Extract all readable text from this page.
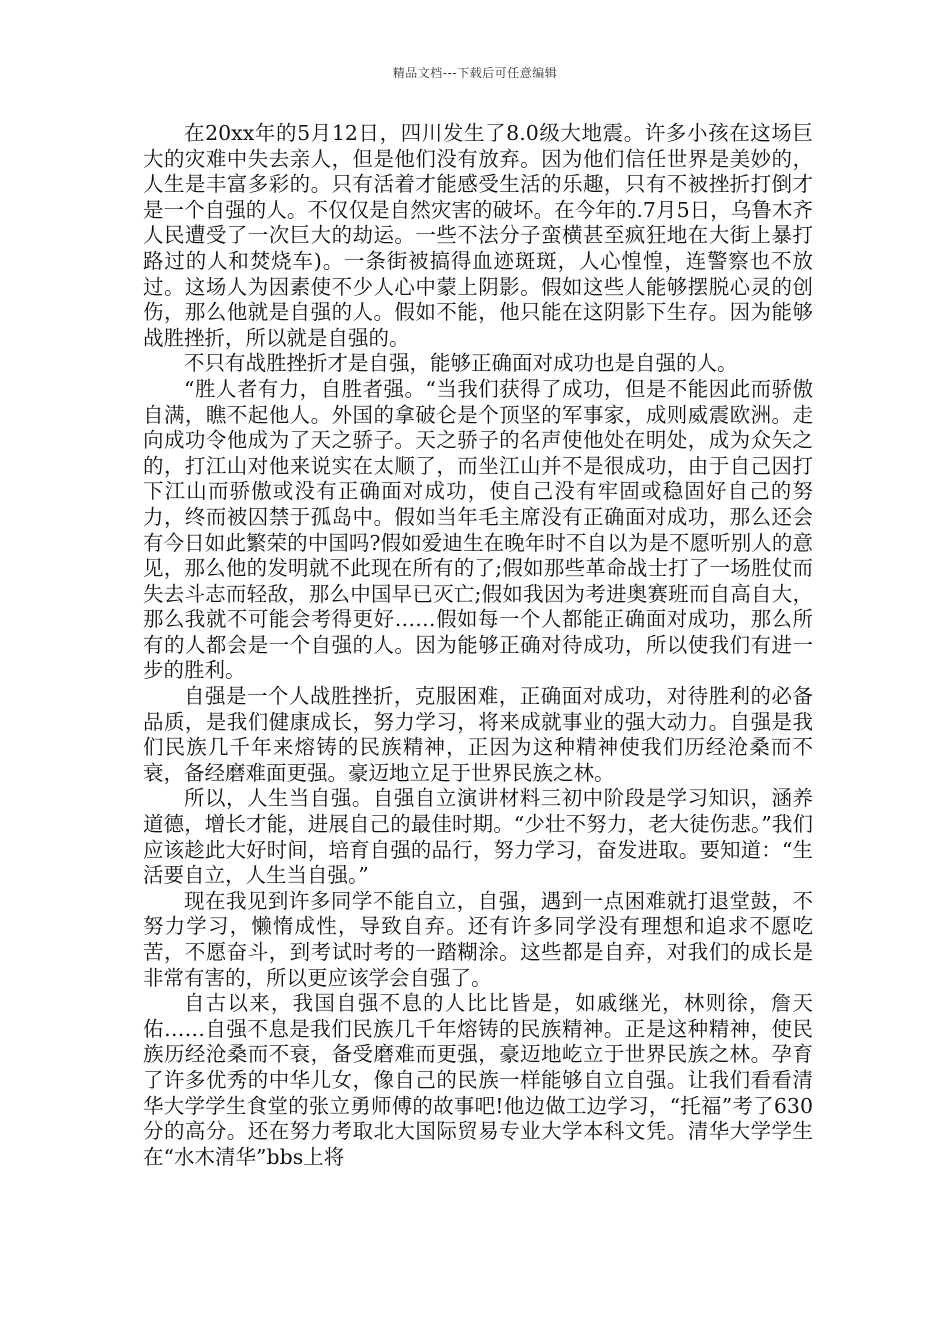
精品文档---下载后可任意编辑

在20xx年的5月12日，四川发生了8.0级大地震。许多小孩在这场巨大的灾难中失去亲人，但是他们没有放弃。因为他们信任世界是美妙的，人生是丰富多彩的。只有活着才能感受生活的乐趣，只有不被挫折打倒才是一个自强的人。不仅仅是自然灾害的破坏。在今年的.7月5日，乌鲁木齐人民遭受了一次巨大的劫运。一些不法分子蛮横甚至疯狂地在大街上暴打路过的人和焚烧车)。一条街被搞得血迹斑斑，人心惶惶，连警察也不放过。这场人为因素使不少人心中蒙上阴影。假如这些人能够摆脱心灵的创伤，那么他就是自强的人。假如不能，他只能在这阴影下生存。因为能够战胜挫折，所以就是自强的。

不只有战胜挫折才是自强，能够正确面对成功也是自强的人。

“胜人者有力，自胜者强。“当我们获得了成功，但是不能因此而骄傲自满，瞧不起他人。外国的拿破仑是个顶坚的军事家，成则威震欧洲。走向成功令他成为了天之骄子。天之骄子的名声使他处在明处，成为众矢之的，打江山对他来说实在太顺了，而坐江山并不是很成功，由于自己因打下江山而骄傲或没有正确面对成功，使自己没有牢固或稳固好自己的努力，终而被囚禁于孤岛中。假如当年毛主席没有正确面对成功，那么还会有今日如此繁荣的中国吗?假如爱迪生在晚年时不自以为是不愿听别人的意见，那么他的发明就不此现在所有的了;假如那些革命战士打了一场胜仗而失去斗志而轻敌，那么中国早已灭亡;假如我因为考进奥赛班而自高自大，那么我就不可能会考得更好……假如每一个人都能正确面对成功，那么所有的人都会是一个自强的人。因为能够正确对待成功，所以使我们有进一步的胜利。

自强是一个人战胜挫折，克服困难，正确面对成功，对待胜利的必备品质，是我们健康成长，努力学习，将来成就事业的强大动力。自强是我们民族几千年来熔铸的民族精神，正因为这种精神使我们历经沧桑而不衰，备经磨难面更强。豪迈地立足于世界民族之林。

所以，人生当自强。自强自立演讲材料三初中阶段是学习知识，涵养道德，增长才能，进展自己的最佳时期。“少壮不努力，老大徒伤悲。”我们应该趁此大好时间，培育自强的品行，努力学习，奋发进取。要知道：“生活要自立，人生当自强。”

现在我见到许多同学不能自立，自强，遇到一点困难就打退堂鼓，不努力学习，懒惰成性，导致自弃。还有许多同学没有理想和追求不愿吃苦，不愿奋斗，到考试时考的一踏糊涂。这些都是自弃，对我们的成长是非常有害的，所以更应该学会自强了。

自古以来，我国自强不息的人比比皆是，如戚继光，林则徐，詹天佑……自强不息是我们民族几千年熔铸的民族精神。正是这种精神，使民族历经沧桑而不衰，备受磨难而更强，豪迈地屹立于世界民族之林。孕育了许多优秀的中华儿女，像自己的民族一样能够自立自强。让我们看看清华大学学生食堂的张立勇师傅的故事吧!他边做工边学习，“托福”考了630分的高分。还在努力考取北大国际贸易专业大学本科文凭。清华大学学生在“水木清华”bbs上将
